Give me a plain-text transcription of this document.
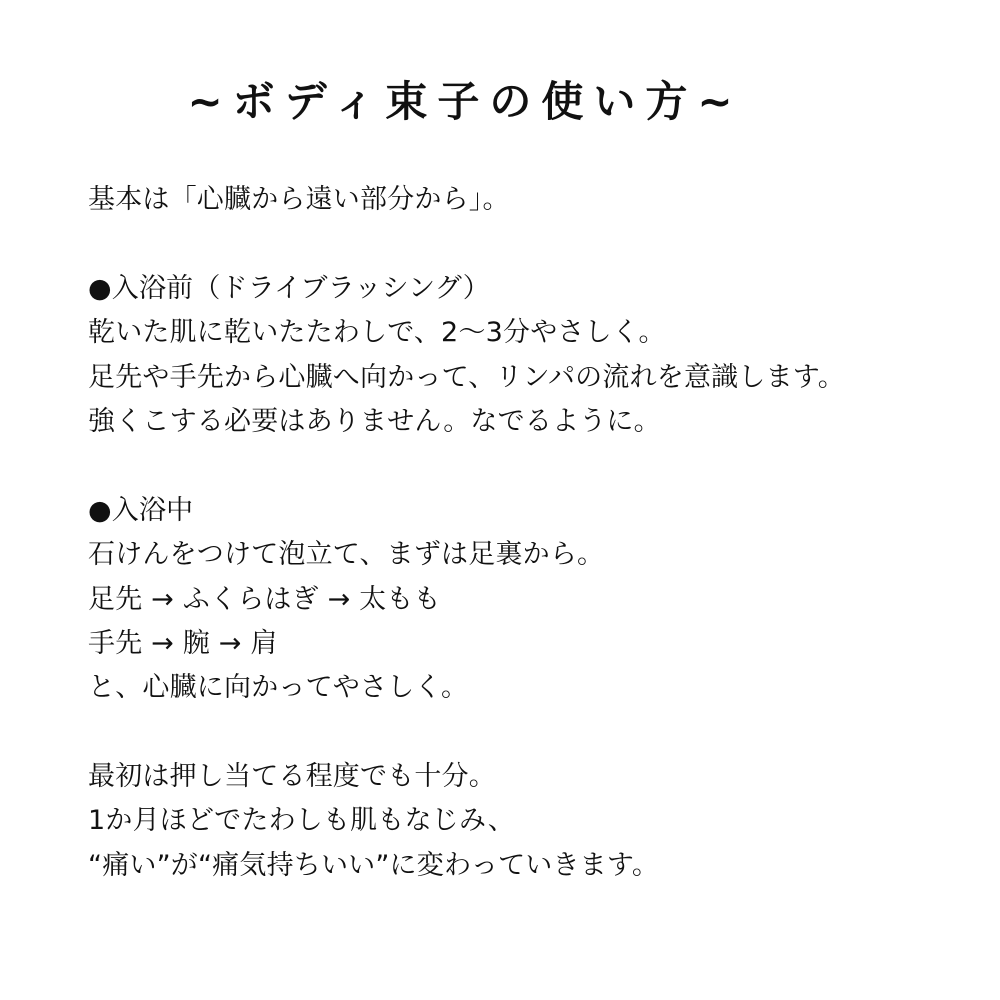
~ボディ束子の使い方~
基本は「心臓から遠い部分から」。
●入浴前（ドライブラッシング）
乾いた肌に乾いたたわしで、2〜3分やさしく。
足先や手先から心臓へ向かって、リンパの流れを意識します。
強くこする必要はありません。なでるように。
●入浴中
石けんをつけて泡立て、まずは足裏から。
足先 → ふくらはぎ → 太もも
手先 → 腕 → 肩
と、心臓に向かってやさしく。
最初は押し当てる程度でも十分。
1か月ほどでたわしも肌もなじみ、
“痛い”が“痛気持ちいい”に変わっていきます。
